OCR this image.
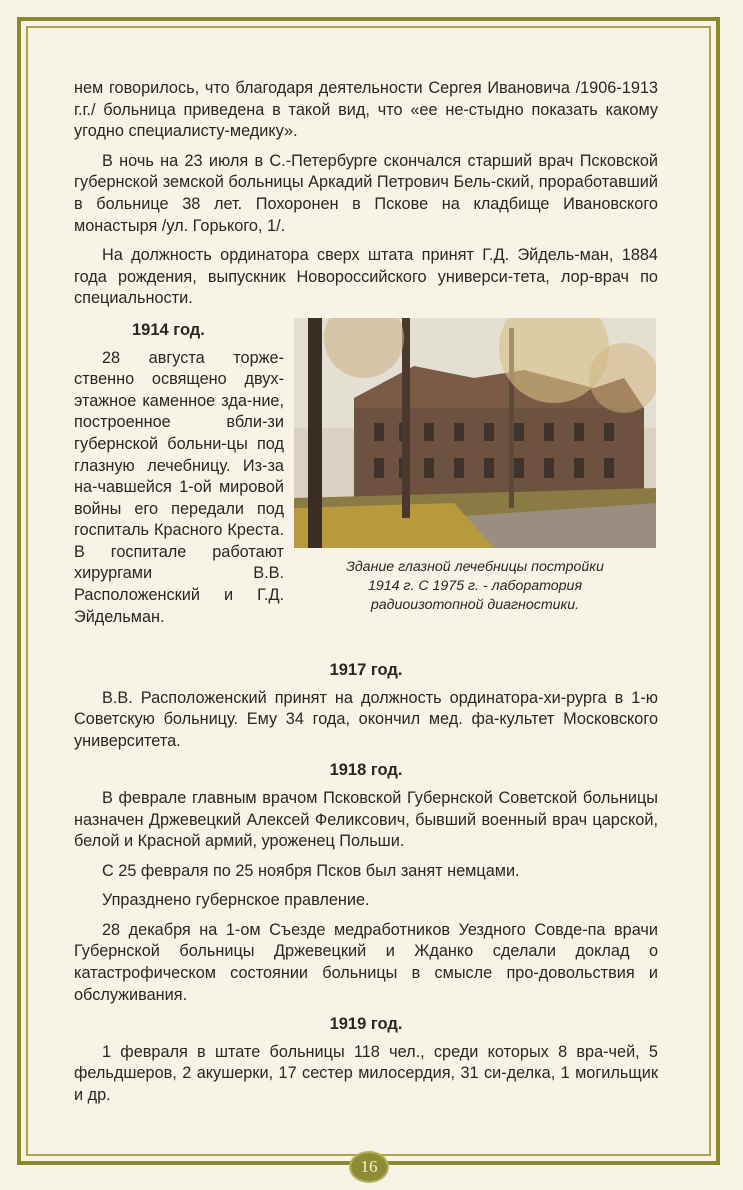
нем говорилось, что благодаря деятельности Сергея Ивановича /1906-1913 г.г./ больница приведена в такой вид, что «ее не-стыдно показать какому угодно специалисту-медику».

В ночь на 23 июля в С.-Петербурге скончался старший врач Псковской губернской земской больницы Аркадий Петрович Бель-ский, проработавший в больнице 38 лет. Похоронен в Пскове на кладбище Ивановского монастыря /ул. Горького, 1/.

На должность ординатора сверх штата принят Г.Д. Эйдель-ман, 1884 года рождения, выпускник Новороссийского универси-тета, лор-врач по специальности.

1914 год.

28 августа торже-ственно освящено двух-этажное каменное зда-ние, построенное вбли-зи губернской больни-цы под глазную лечебницу. Из-за на-чавшейся 1-ой мировой войны его передали под госпиталь Красного Креста. В госпитале работают хирургами В.В. Расположенский и Г.Д. Эйдельман.

Здание глазной лечебницы постройки
1914 г. С 1975 г. - лаборатория
радиоизотопной диагностики.
1917 год.

В.В. Расположенский принят на должность ординатора-хи-рурга в 1-ю Советскую больницу. Ему 34 года, окончил мед. фа-культет Московского университета.

1918 год.

В феврале главным врачом Псковской Губернской Советской больницы назначен Држевецкий Алексей Феликсович, бывший военный врач царской, белой и Красной армий, уроженец Польши.

С 25 февраля по 25 ноября Псков был занят немцами.

Упразднено губернское правление.

28 декабря на 1-ом Съезде медработников Уездного Совде-па врачи Губернской больницы Држевецкий и Жданко сделали доклад о катастрофическом состоянии больницы в смысле про-довольствия и обслуживания.

1919 год.

1 февраля в штате больницы 118 чел., среди которых 8 вра-чей, 5 фельдшеров, 2 акушерки, 17 сестер милосердия, 31 си-делка, 1 могильщик и др.

16
